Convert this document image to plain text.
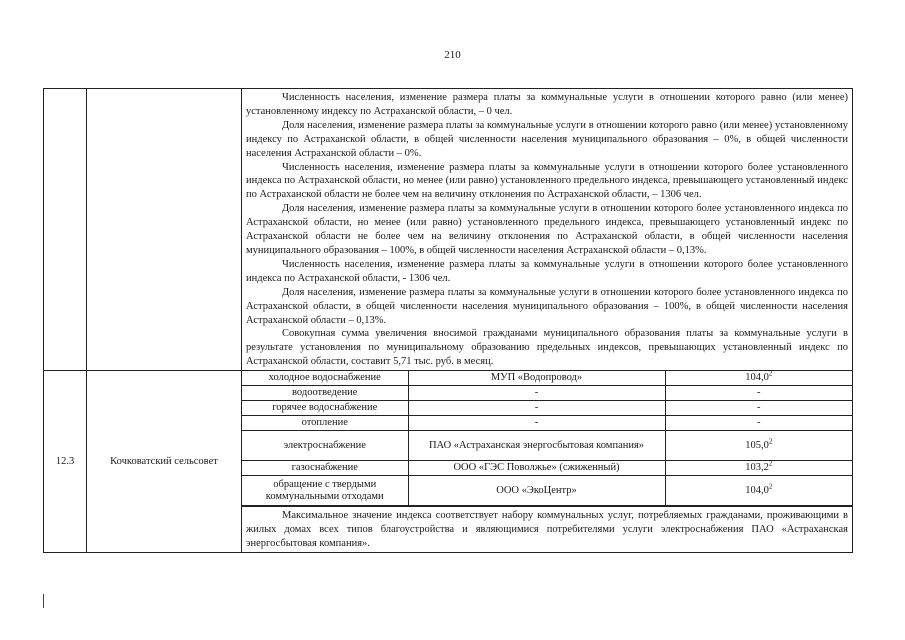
210

Численность населения, изменение размера платы за коммунальные услуги в отношении которого равно (или менее) установленному индексу по Астраханской области, – 0 чел.

Доля населения, изменение размера платы за коммунальные услуги в отношении которого равно (или менее) установленному индексу по Астраханской области, в общей численности населения муниципального образования – 0%, в общей численности населения Астраханской области – 0%.

Численность населения, изменение размера платы за коммунальные услуги в отношении которого более установленного индекса по Астраханской области, но менее (или равно) установленного предельного индекса, превышающего установленный индекс по Астраханской области не более чем на величину отклонения по Астраханской области, – 1306 чел.

Доля населения, изменение размера платы за коммунальные услуги в отношении которого более установленного индекса по Астраханской области, но менее (или равно) установленного предельного индекса, превышающего установленный индекс по Астраханской области не более чем на величину отклонения по Астраханской области, в общей численности населения муниципального образования – 100%, в общей численности населения Астраханской области – 0,13%.

Численность населения, изменение размера платы за коммунальные услуги в отношении которого более установленного индекса по Астраханской области, - 1306 чел.

Доля населения, изменение размера платы за коммунальные услуги в отношении которого более установленного индекса по Астраханской области, в общей численности населения муниципального образования – 100%, в общей численности населения Астраханской области – 0,13%.

Совокупная сумма увеличения вносимой гражданами муниципального образования платы за коммунальные услуги в результате установления по муниципальному образованию предельных индексов, превышающих установленный индекс по Астраханской области, составит 5,71 тыс. руб. в месяц.

12.3	Кочковатский сельсовет	
холодное водоснабжение	МУП «Водопровод»	104,0$^2$
водоотведение	-	-
горячее водоснабжение	-	-
отопление	-	-
электроснабжение	ПАО «Астраханская энергосбытовая компания»	105,0$^2$
газоснабжение	ООО «ГЭС Поволжье» (сжиженный)	103,2$^2$
обращение с твердыми коммунальными отходами	ООО «ЭкоЦентр»	104,0$^2$

Максимальное значение индекса соответствует набору коммунальных услуг, потребляемых гражданами, проживающими в жилых домах всех типов благоустройства и являющимися потребителями услуги электроснабжения ПАО «Астраханская энергосбытовая компания».
